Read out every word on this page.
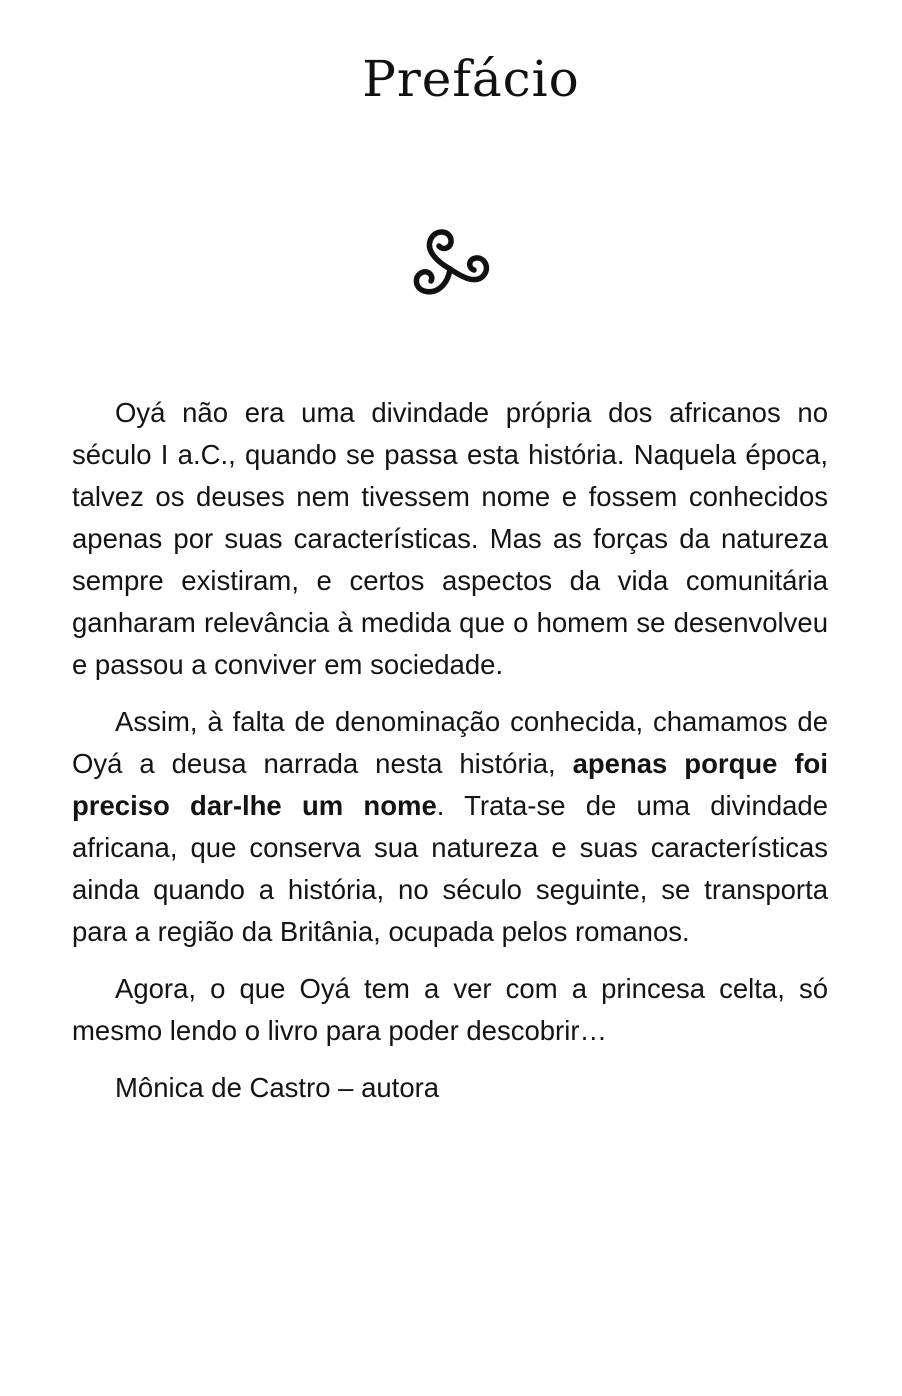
Prefácio

Oyá não era uma divindade própria dos africanos no século I a.C., quando se passa esta história. Naquela época, talvez os deuses nem tivessem nome e fossem conhecidos apenas por suas características. Mas as forças da natureza sempre existiram, e certos aspectos da vida comunitária ganharam relevância à medida que o homem se desenvolveu e passou a conviver em sociedade.

Assim, à falta de denominação conhecida, chamamos de Oyá a deusa narrada nesta história, apenas porque foi preciso dar-lhe um nome. Trata-se de uma divindade africana, que conserva sua natureza e suas características ainda quando a história, no século seguinte, se transporta para a região da Britânia, ocupada pelos romanos.

Agora, o que Oyá tem a ver com a princesa celta, só mesmo lendo o livro para poder descobrir…

Mônica de Castro – autora
